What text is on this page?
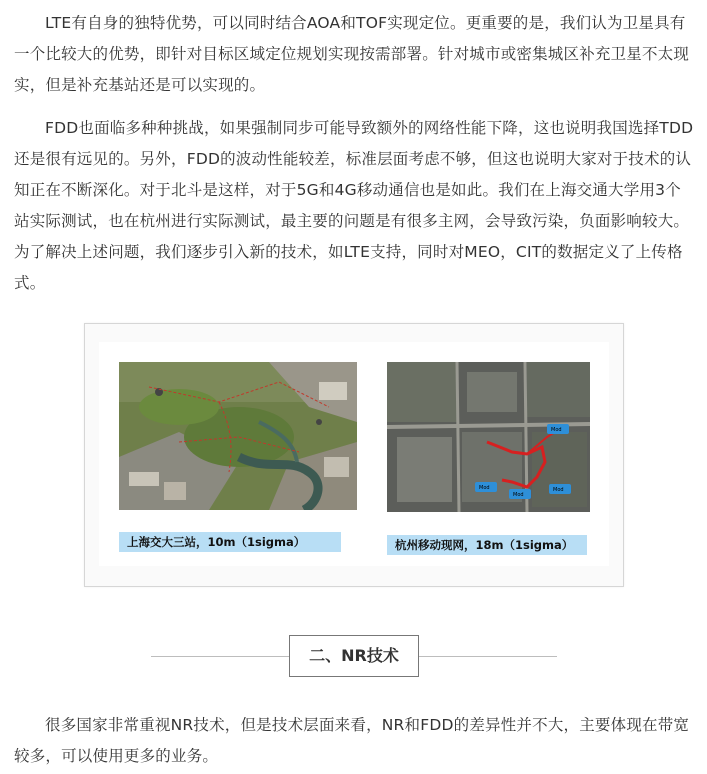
LTE有自身的独特优势，可以同时结合AOA和TOF实现定位。更重要的是，我们认为卫星具有一个比较大的优势，即针对目标区域定位规划实现按需部署。针对城市或密集城区补充卫星不太现实，但是补充基站还是可以实现的。

FDD也面临多种种挑战，如果强制同步可能导致额外的网络性能下降，这也说明我国选择TDD还是很有远见的。另外，FDD的波动性能较差，标准层面考虑不够，但这也说明大家对于技术的认知正在不断深化。对于北斗是这样，对于5G和4G移动通信也是如此。我们在上海交通大学用3个站实际测试，也在杭州进行实际测试，最主要的问题是有很多主网，会导致污染，负面影响较大。为了解决上述问题，我们逐步引入新的技术，如LTE支持，同时对MEO，CIT的数据定义了上传格式。

Mod
Mod
Mod
Mod
上海交大三站，10m（1sigma）	杭州移动现网，18m（1sigma）
二、NR技术

很多国家非常重视NR技术，但是技术层面来看，NR和FDD的差异性并不大，主要体现在带宽较多，可以使用更多的业务。
